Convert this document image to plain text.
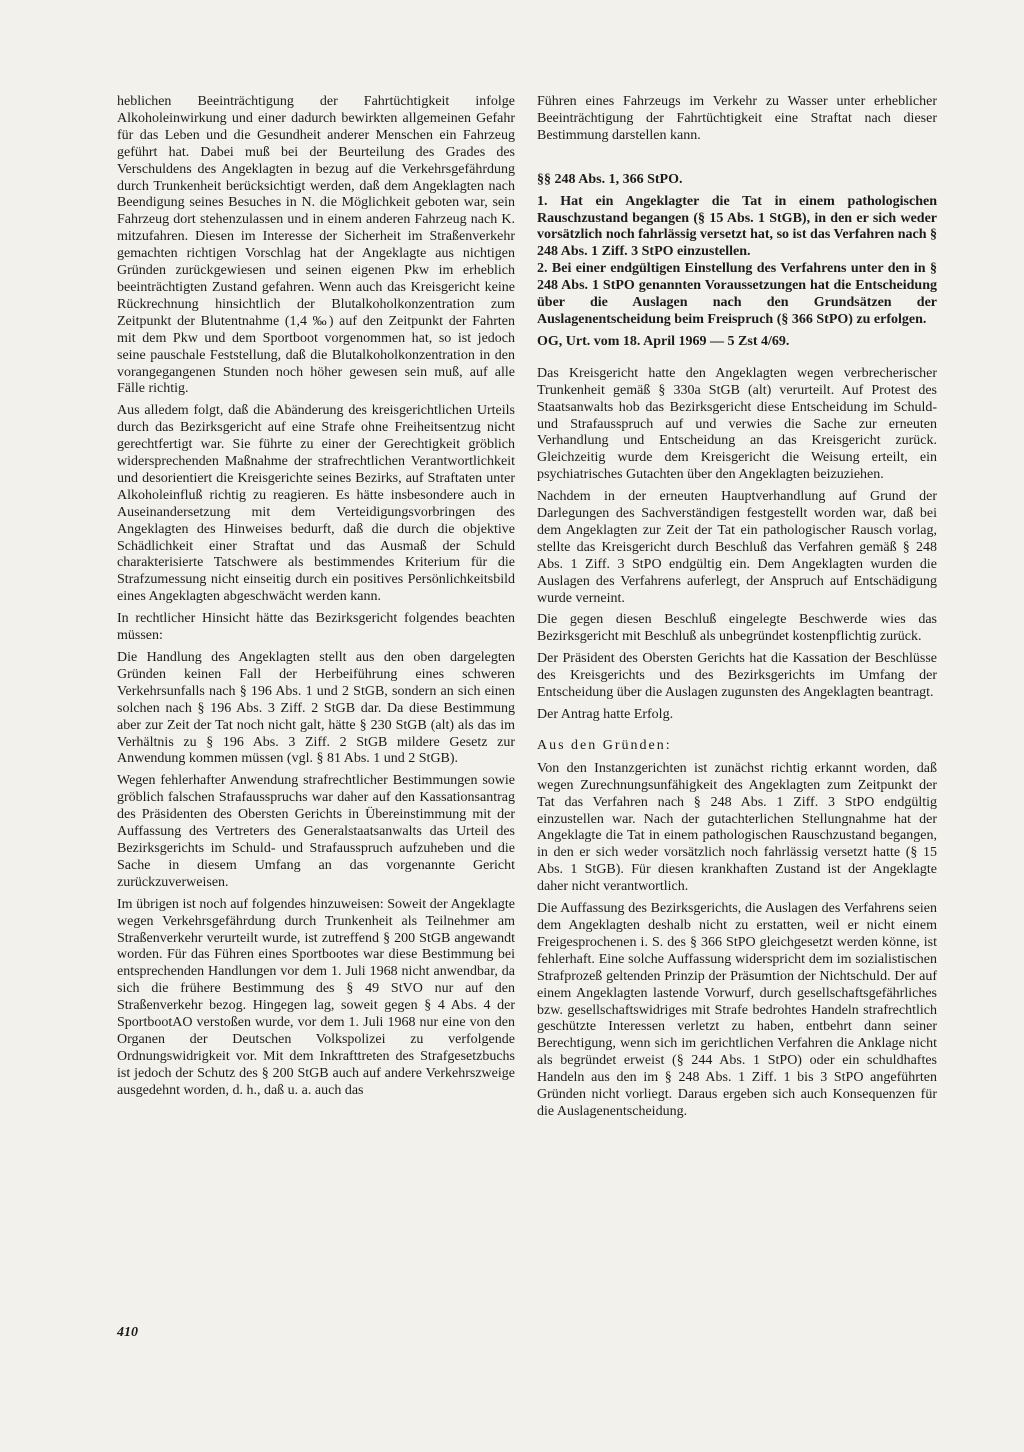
heblichen Beeinträchtigung der Fahrtüchtigkeit infolge Alkoholeinwirkung und einer dadurch bewirkten allgemeinen Gefahr für das Leben und die Gesundheit anderer Menschen ein Fahrzeug geführt hat. Dabei muß bei der Beurteilung des Grades des Verschuldens des Angeklagten in bezug auf die Verkehrsgefährdung durch Trunkenheit berücksichtigt werden, daß dem Angeklagten nach Beendigung seines Besuches in N. die Möglichkeit geboten war, sein Fahrzeug dort stehenzulassen und in einem anderen Fahrzeug nach K. mitzufahren. Diesen im Interesse der Sicherheit im Straßenverkehr gemachten richtigen Vorschlag hat der Angeklagte aus nichtigen Gründen zurückgewiesen und seinen eigenen Pkw im erheblich beeinträchtigten Zustand gefahren. Wenn auch das Kreisgericht keine Rückrechnung hinsichtlich der Blutalkoholkonzentration zum Zeitpunkt der Blutentnahme (1,4 ‰) auf den Zeitpunkt der Fahrten mit dem Pkw und dem Sportboot vorgenommen hat, so ist jedoch seine pauschale Feststellung, daß die Blutalkoholkonzentration in den vorangegangenen Stunden noch höher gewesen sein muß, auf alle Fälle richtig.

Aus alledem folgt, daß die Abänderung des kreisgerichtlichen Urteils durch das Bezirksgericht auf eine Strafe ohne Freiheitsentzug nicht gerechtfertigt war. Sie führte zu einer der Gerechtigkeit gröblich widersprechenden Maßnahme der strafrechtlichen Verantwortlichkeit und desorientiert die Kreisgerichte seines Bezirks, auf Straftaten unter Alkoholeinfluß richtig zu reagieren. Es hätte insbesondere auch in Auseinandersetzung mit dem Verteidigungsvorbringen des Angeklagten des Hinweises bedurft, daß die durch die objektive Schädlichkeit einer Straftat und das Ausmaß der Schuld charakterisierte Tatschwere als bestimmendes Kriterium für die Strafzumessung nicht einseitig durch ein positives Persönlichkeitsbild eines Angeklagten abgeschwächt werden kann.

In rechtlicher Hinsicht hätte das Bezirksgericht folgendes beachten müssen:

Die Handlung des Angeklagten stellt aus den oben dargelegten Gründen keinen Fall der Herbeiführung eines schweren Verkehrsunfalls nach § 196 Abs. 1 und 2 StGB, sondern an sich einen solchen nach § 196 Abs. 3 Ziff. 2 StGB dar. Da diese Bestimmung aber zur Zeit der Tat noch nicht galt, hätte § 230 StGB (alt) als das im Verhältnis zu § 196 Abs. 3 Ziff. 2 StGB mildere Gesetz zur Anwendung kommen müssen (vgl. § 81 Abs. 1 und 2 StGB).

Wegen fehlerhafter Anwendung strafrechtlicher Bestimmungen sowie gröblich falschen Strafausspruchs war daher auf den Kassationsantrag des Präsidenten des Obersten Gerichts in Übereinstimmung mit der Auffassung des Vertreters des Generalstaatsanwalts das Urteil des Bezirksgerichts im Schuld- und Strafausspruch aufzuheben und die Sache in diesem Umfang an das vorgenannte Gericht zurückzuverweisen.

Im übrigen ist noch auf folgendes hinzuweisen: Soweit der Angeklagte wegen Verkehrsgefährdung durch Trunkenheit als Teilnehmer am Straßenverkehr verurteilt wurde, ist zutreffend § 200 StGB angewandt worden. Für das Führen eines Sportbootes war diese Bestimmung bei entsprechenden Handlungen vor dem 1. Juli 1968 nicht anwendbar, da sich die frühere Bestimmung des § 49 StVO nur auf den Straßenverkehr bezog. Hingegen lag, soweit gegen § 4 Abs. 4 der SportbootAO verstoßen wurde, vor dem 1. Juli 1968 nur eine von den Organen der Deutschen Volkspolizei zu verfolgende Ordnungswidrigkeit vor. Mit dem Inkrafttreten des Strafgesetzbuchs ist jedoch der Schutz des § 200 StGB auch auf andere Verkehrszweige ausgedehnt worden, d. h., daß u. a. auch das

Führen eines Fahrzeugs im Verkehr zu Wasser unter erheblicher Beeinträchtigung der Fahrtüchtigkeit eine Straftat nach dieser Bestimmung darstellen kann.

§§ 248 Abs. 1, 366 StPO.

1. Hat ein Angeklagter die Tat in einem pathologischen Rauschzustand begangen (§ 15 Abs. 1 StGB), in den er sich weder vorsätzlich noch fahrlässig versetzt hat, so ist das Verfahren nach § 248 Abs. 1 Ziff. 3 StPO einzustellen.

2. Bei einer endgültigen Einstellung des Verfahrens unter den in § 248 Abs. 1 StPO genannten Voraussetzungen hat die Entscheidung über die Auslagen nach den Grundsätzen der Auslagenentscheidung beim Freispruch (§ 366 StPO) zu erfolgen.

OG, Urt. vom 18. April 1969 — 5 Zst 4/69.

Das Kreisgericht hatte den Angeklagten wegen verbrecherischer Trunkenheit gemäß § 330a StGB (alt) verurteilt. Auf Protest des Staatsanwalts hob das Bezirksgericht diese Entscheidung im Schuld- und Strafausspruch auf und verwies die Sache zur erneuten Verhandlung und Entscheidung an das Kreisgericht zurück. Gleichzeitig wurde dem Kreisgericht die Weisung erteilt, ein psychiatrisches Gutachten über den Angeklagten beizuziehen.

Nachdem in der erneuten Hauptverhandlung auf Grund der Darlegungen des Sachverständigen festgestellt worden war, daß bei dem Angeklagten zur Zeit der Tat ein pathologischer Rausch vorlag, stellte das Kreisgericht durch Beschluß das Verfahren gemäß § 248 Abs. 1 Ziff. 3 StPO endgültig ein. Dem Angeklagten wurden die Auslagen des Verfahrens auferlegt, der Anspruch auf Entschädigung wurde verneint.

Die gegen diesen Beschluß eingelegte Beschwerde wies das Bezirksgericht mit Beschluß als unbegründet kostenpflichtig zurück.

Der Präsident des Obersten Gerichts hat die Kassation der Beschlüsse des Kreisgerichts und des Bezirksgerichts im Umfang der Entscheidung über die Auslagen zugunsten des Angeklagten beantragt.

Der Antrag hatte Erfolg.

Aus den Gründen:

Von den Instanzgerichten ist zunächst richtig erkannt worden, daß wegen Zurechnungsunfähigkeit des Angeklagten zum Zeitpunkt der Tat das Verfahren nach § 248 Abs. 1 Ziff. 3 StPO endgültig einzustellen war. Nach der gutachterlichen Stellungnahme hat der Angeklagte die Tat in einem pathologischen Rauschzustand begangen, in den er sich weder vorsätzlich noch fahrlässig versetzt hatte (§ 15 Abs. 1 StGB). Für diesen krankhaften Zustand ist der Angeklagte daher nicht verantwortlich.

Die Auffassung des Bezirksgerichts, die Auslagen des Verfahrens seien dem Angeklagten deshalb nicht zu erstatten, weil er nicht einem Freigesprochenen i. S. des § 366 StPO gleichgesetzt werden könne, ist fehlerhaft. Eine solche Auffassung widerspricht dem im sozialistischen Strafprozeß geltenden Prinzip der Präsumtion der Nichtschuld. Der auf einem Angeklagten lastende Vorwurf, durch gesellschaftsgefährliches bzw. gesellschaftswidriges mit Strafe bedrohtes Handeln strafrechtlich geschützte Interessen verletzt zu haben, entbehrt dann seiner Berechtigung, wenn sich im gerichtlichen Verfahren die Anklage nicht als begründet erweist (§ 244 Abs. 1 StPO) oder ein schuldhaftes Handeln aus den im § 248 Abs. 1 Ziff. 1 bis 3 StPO angeführten Gründen nicht vorliegt. Daraus ergeben sich auch Konsequenzen für die Auslagenentscheidung.

410
